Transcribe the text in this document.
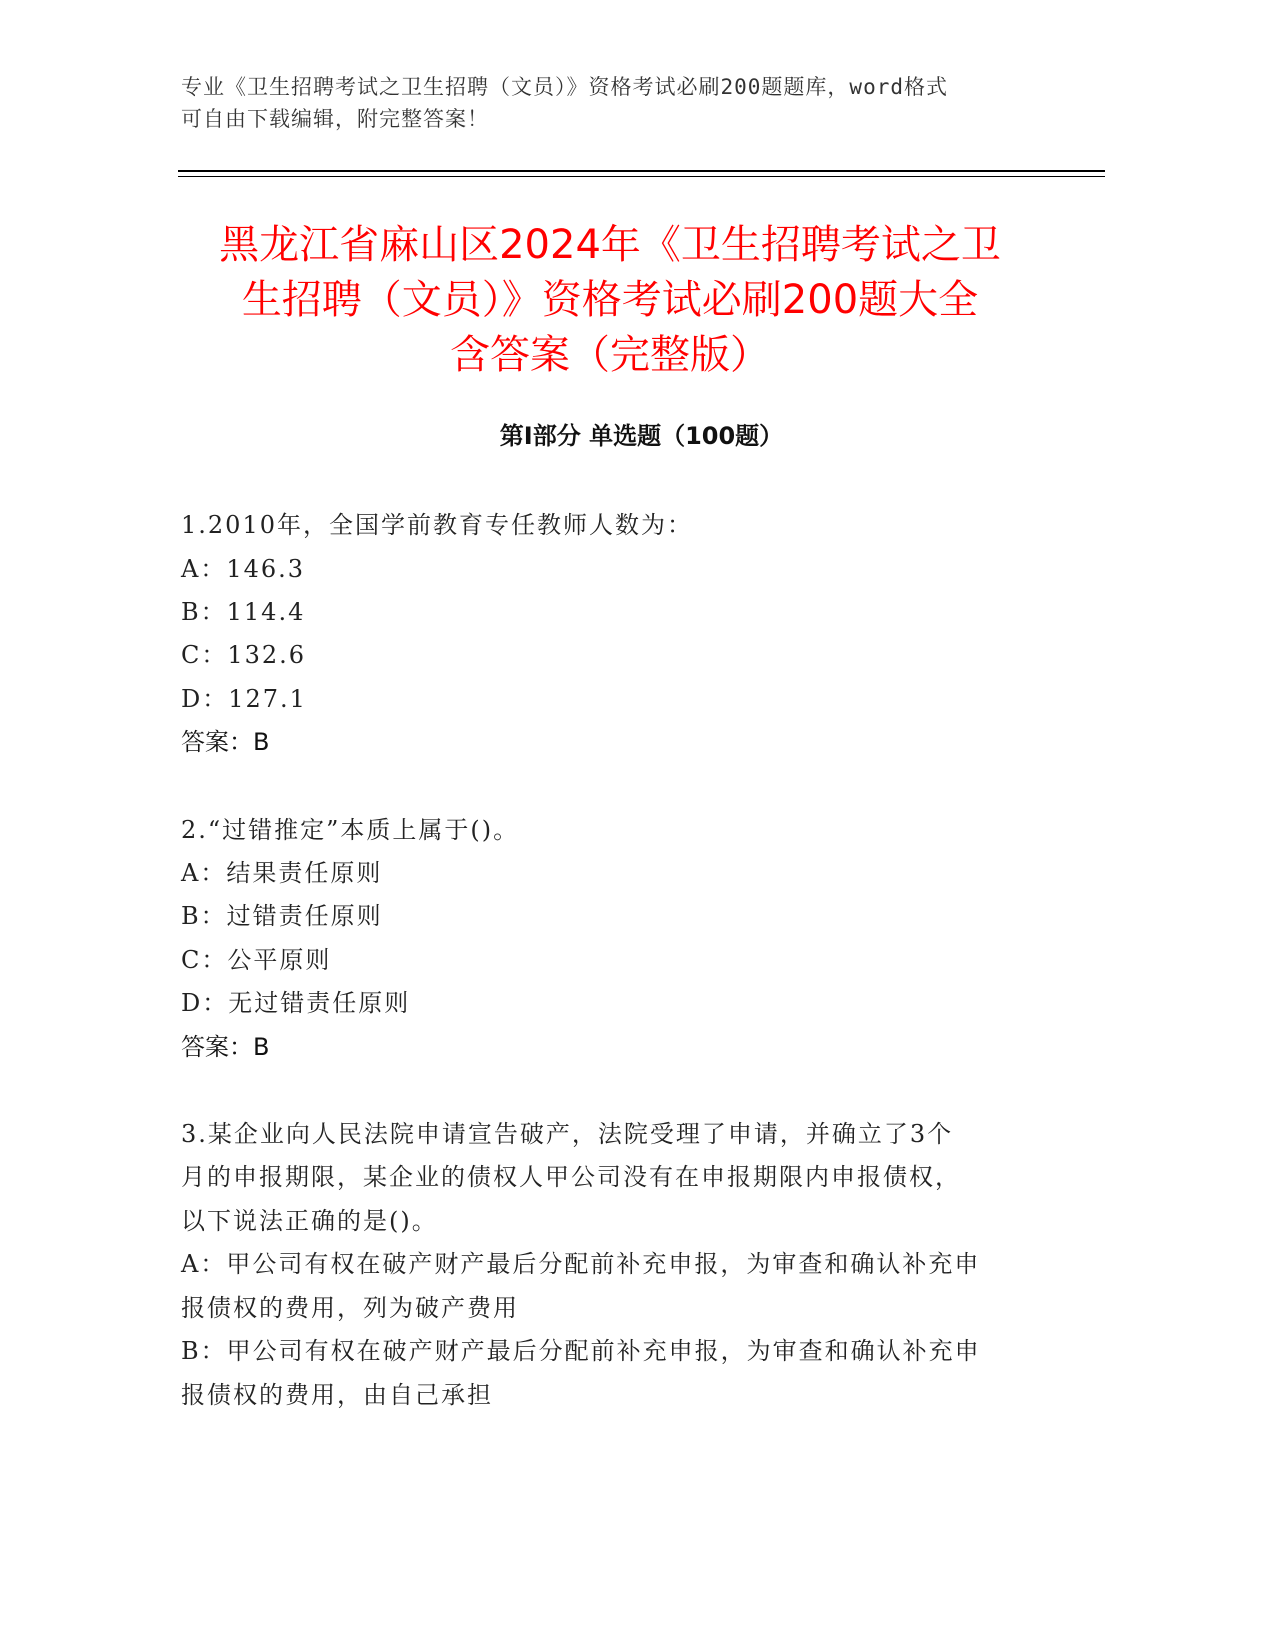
专业《卫生招聘考试之卫生招聘（文员）》资格考试必刷200题题库，word格式
可自由下载编辑，附完整答案！
黑龙江省麻山区2024年《卫生招聘考试之卫
生招聘（文员）》资格考试必刷200题大全
含答案（完整版）
第Ⅰ部分 单选题（100题）
1.2010年，全国学前教育专任教师人数为：
A：146.3
B：114.4
C：132.6
D：127.1
答案：B
2.“过错推定”本质上属于()。
A：结果责任原则
B：过错责任原则
C：公平原则
D：无过错责任原则
答案：B
3.某企业向人民法院申请宣告破产，法院受理了申请，并确立了3个
月的申报期限，某企业的债权人甲公司没有在申报期限内申报债权，
以下说法正确的是()。
A：甲公司有权在破产财产最后分配前补充申报，为审查和确认补充申
报债权的费用，列为破产费用
B：甲公司有权在破产财产最后分配前补充申报，为审查和确认补充申
报债权的费用，由自己承担
